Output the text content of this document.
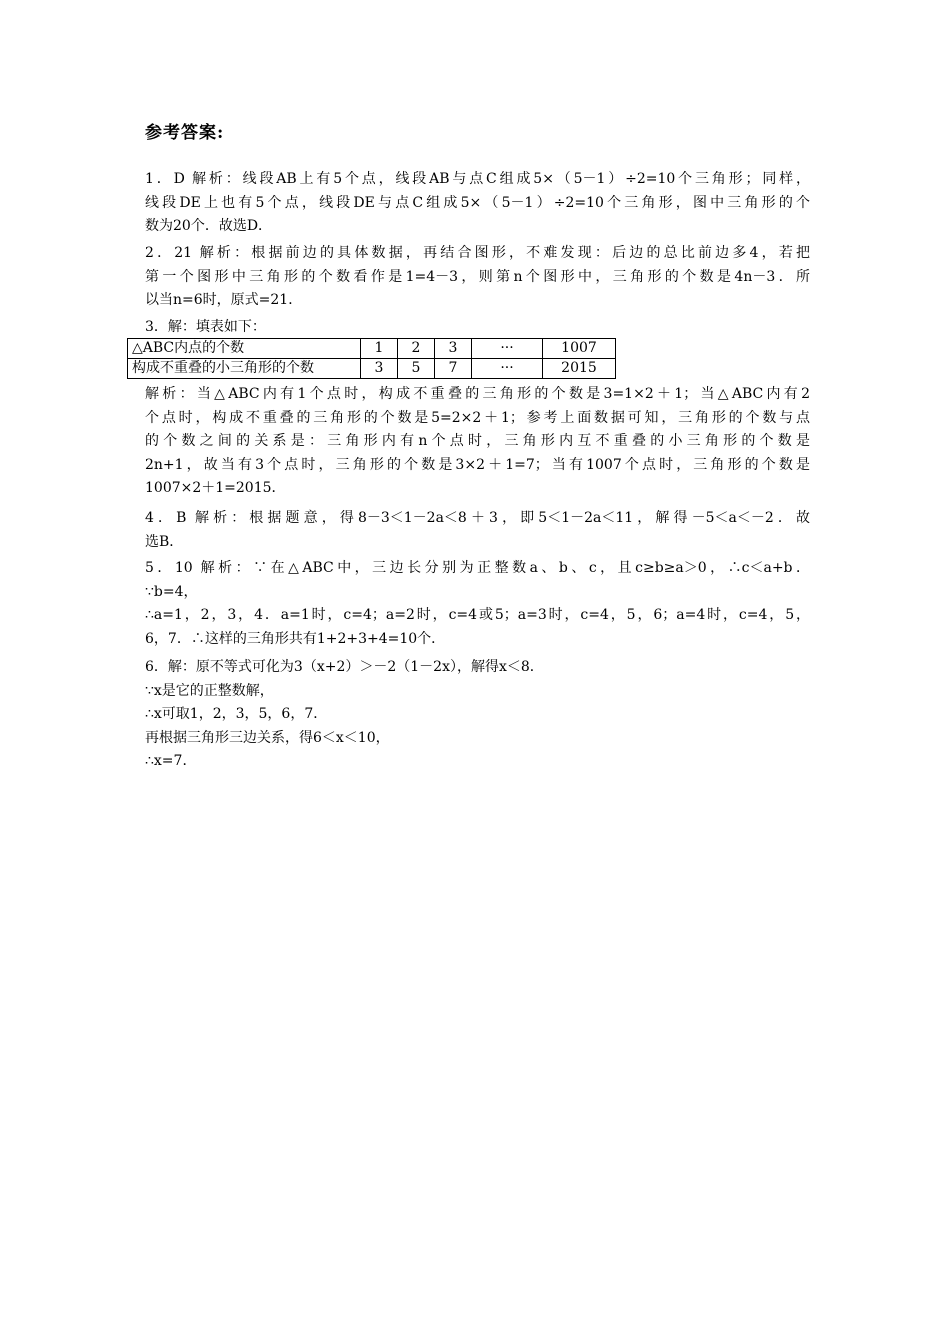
参考答案:
1．D 解析：线段AB上有5个点，线段AB与点C组成5×（5－1）÷2=10个三角形；同样，
线段DE上也有5个点，线段DE与点C组成5×（5－1）÷2=10个三角形，图中三角形的个
数为20个．故选D．
2．21 解析：根据前边的具体数据，再结合图形，不难发现：后边的总比前边多4，若把
第一个图形中三角形的个数看作是1=4－3，则第n个图形中，三角形的个数是4n－3．所
以当n=6时，原式=21．
3．解：填表如下：
△ABC内点的个数	1	2	3	···	1007
构成不重叠的小三角形的个数	3	5	7	···	2015
解析：当△ABC内有1个点时，构成不重叠的三角形的个数是3=1×2＋1；当△ABC内有2
个点时，构成不重叠的三角形的个数是5=2×2＋1；参考上面数据可知，三角形的个数与点
的个数之间的关系是：三角形内有n个点时，三角形内互不重叠的小三角形的个数是
2n+1，故当有3个点时，三角形的个数是3×2＋1=7；当有1007个点时，三角形的个数是
1007×2＋1=2015．
4．B 解析：根据题意，得8－3＜1－2a＜8＋3，即5＜1－2a＜11，解得－5＜a＜－2．故
选B．
5．10 解析：∵在△ABC中，三边长分别为正整数a、b、c，且c≥b≥a＞0，∴c＜a+b．
∵b=4，
∴a=1，2，3，4．a=1时，c=4；a=2时，c=4或5；a=3时，c=4，5，6；a=4时，c=4，5，
6，7．∴这样的三角形共有1+2+3+4=10个．
6．解：原不等式可化为3（x+2）＞－2（1－2x），解得x＜8．
∵x是它的正整数解，
∴x可取1，2，3，5，6，7．
再根据三角形三边关系，得6＜x＜10，
∴x=7．
